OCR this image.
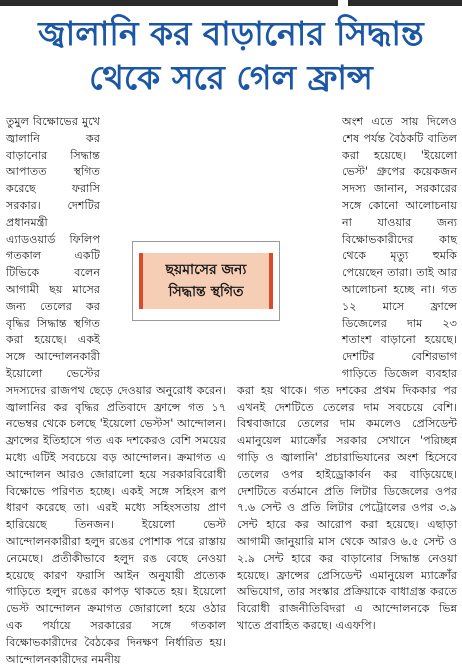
জ্বালানি কর বাড়ানোর সিদ্ধান্ত
থেকে সরে গেল ফ্রান্স

তুমুল বিক্ষোভের মুখে জ্বালানি কর বাড়ানোর সিদ্ধান্ত আপাতত স্থগিত করেছে ফরাসি সরকার। দেশটির প্রধানমন্ত্রী এ্যাডওয়ার্ড ফিলিপ গতকাল একটি টিভিকে বলেন আগামী ছয় মাসের জন্য তেলের কর বৃদ্ধির সিদ্ধান্ত স্থগিত করা হয়েছে। একই সঙ্গে আন্দোলনকারী ইয়োলো ভেস্টের সদস্যদের রাজপথ ছেড়ে দেওয়ার অনুরোধ করেন। জ্বালানির কর বৃদ্ধির প্রতিবাদে ফ্রান্সে গত ১৭ নভেম্বর থেকে চলছে 'ইয়েলো ভেস্টস' আন্দোলন। ফ্রান্সের ইতিহাসে গত এক দশকেরও বেশি সময়ের মধ্যে এটিই সবচেয়ে বড় আন্দোলন। ক্রমাগত এ আন্দোলন আরও জোরালো হয়ে সরকারবিরোধী বিক্ষোভে পরিণত হচ্ছে। একই সঙ্গে সহিংস রূপ ধারণ করেছে তা। এরই মধ্যে সহিংসতায় প্রাণ হারিয়েছে তিনজন। ইয়েলো ভেস্ট আন্দোলনকারীরা হলুদ রঙের পোশাক পরে রাস্তায় নেমেছে। প্রতীকীভাবে হলুদ রঙ বেছে নেওয়া হয়েছে কারণ ফরাসি আইন অনুযায়ী প্রত্যেক গাড়িতে হলুদ রঙের কাপড় থাকতে হয়। ইয়েলো ভেস্ট আন্দোলন ক্রমাগত জোরালো হয়ে ওঠার এক পর্যায়ে সরকারের সঙ্গে গতকাল বিক্ষোভকারীদের বৈঠকের দিনক্ষণ নির্ধারিত হয়। আন্দোলনকারীদের নমনীয়

অংশ এতে সায় দিলেও শেষ পর্যন্ত বৈঠকটি বাতিল করা হয়েছে। 'ইয়েলো ভেস্ট' গ্রুপের কয়েকজন সদস্য জানান, সরকারের সঙ্গে কোনো আলোচনায় না যাওয়ার জন্য বিক্ষোভকারীদের কাছ থেকে মৃত্যু হুমকি পেয়েছেন তারা। তাই আর আলোচনা হচ্ছে না। গত ১২ মাসে ফ্রান্সে ডিজেলের দাম ২৩ শতাংশ বাড়ানো হয়েছে। দেশটির বেশিরভাগ গাড়িতে ডিজেল ব্যবহার করা হয় থাকে। গত দশকের প্রথম দিককার পর এখনই দেশটিতে তেলের দাম সবচেয়ে বেশি। বিশ্ববাজারে তেলের দাম কমলেও প্রেসিডেন্ট এমানুয়েল ম্যাক্রোঁর সরকার সেখানে 'পরিচ্ছন্ন গাড়ি ও জ্বালানি' প্রচারাভিযানের অংশ হিসেবে তেলের ওপর হাইড্রোকার্বন কর বাড়িয়েছে। দেশটিতে বর্তমানে প্রতি লিটার ডিজেলের ওপর ৭.৬ সেন্ট ও প্রতি লিটার পেট্রোলের ওপর ৩.৯ সেন্ট হারে কর আরোপ করা হয়েছে। এছাড়া আগামী জানুয়ারি মাস থেকে আরও ৬.৫ সেন্ট ও ২.৯ সেন্ট হারে কর বাড়ানোর সিদ্ধান্ত নেওয়া হয়েছে। ফ্রান্সের প্রেসিডেন্ট এমানুয়েল ম্যাক্রোঁর অভিযোগ, তার সংস্কার প্রক্রিয়াকে বাধাগ্রস্ত করতে বিরোধী রাজনীতিবিদরা এ আন্দোলনকে ভিন্ন খাতে প্রবাহিত করছে। এএফপি।

ছয়মাসের জন্য
সিদ্ধান্ত স্থগিত
